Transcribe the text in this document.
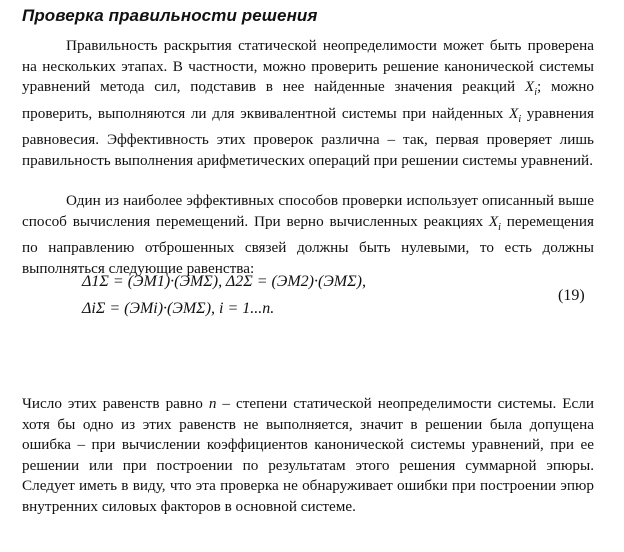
Проверка правильности решения

Правильность раскрытия статической неопределимости может быть проверена на нескольких этапах. В частности, можно проверить решение канонической системы уравнений метода сил, подставив в нее найденные значения реакций $X_i$; можно проверить, выполняются ли для эквивалентной системы при найденных $X_i$ уравнения равновесия. Эффективность этих проверок различна – так, первая проверяет лишь правильность выполнения арифметических операций при решении системы уравнений.

Один из наиболее эффективных способов проверки использует описанный выше способ вычисления перемещений. При верно вычисленных реакциях $X_i$ перемещения по направлению отброшенных связей должны быть нулевыми, то есть должны выполняться следующие равенства:

Δ1Σ = (ЭМ1)·(ЭМΣ), Δ2Σ = (ЭМ2)·(ЭМΣ),
ΔiΣ = (ЭМi)·(ЭМΣ), i = 1...n.
(19)

Число этих равенств равно n – степени статической неопределимости системы. Если хотя бы одно из этих равенств не выполняется, значит в решении была допущена ошибка – при вычислении коэффициентов канонической системы уравнений, при ее решении или при построении по результатам этого решения суммарной эпюры. Следует иметь в виду, что эта проверка не обнаруживает ошибки при построении эпюр внутренних силовых факторов в основной системе.
